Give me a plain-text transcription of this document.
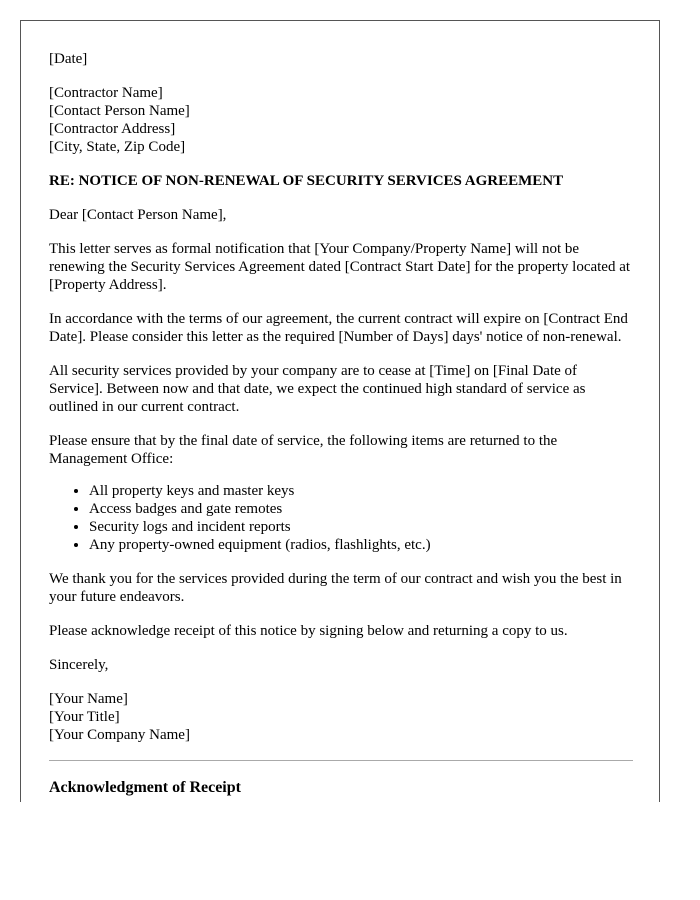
[Date]
[Contractor Name]
[Contact Person Name]
[Contractor Address]
[City, State, Zip Code]
RE: NOTICE OF NON-RENEWAL OF SECURITY SERVICES AGREEMENT

Dear [Contact Person Name],

This letter serves as formal notification that [Your Company/Property Name] will not be renewing the Security Services Agreement dated [Contract Start Date] for the property located at [Property Address].

In accordance with the terms of our agreement, the current contract will expire on [Contract End Date]. Please consider this letter as the required [Number of Days] days' notice of non-renewal.

All security services provided by your company are to cease at [Time] on [Final Date of Service]. Between now and that date, we expect the continued high standard of service as outlined in our current contract.

Please ensure that by the final date of service, the following items are returned to the Management Office:

• All property keys and master keys
• Access badges and gate remotes
• Security logs and incident reports
• Any property-owned equipment (radios, flashlights, etc.)

We thank you for the services provided during the term of our contract and wish you the best in your future endeavors.

Please acknowledge receipt of this notice by signing below and returning a copy to us.

Sincerely,

[Your Name]
[Your Title]
[Your Company Name]
Acknowledgment of Receipt
